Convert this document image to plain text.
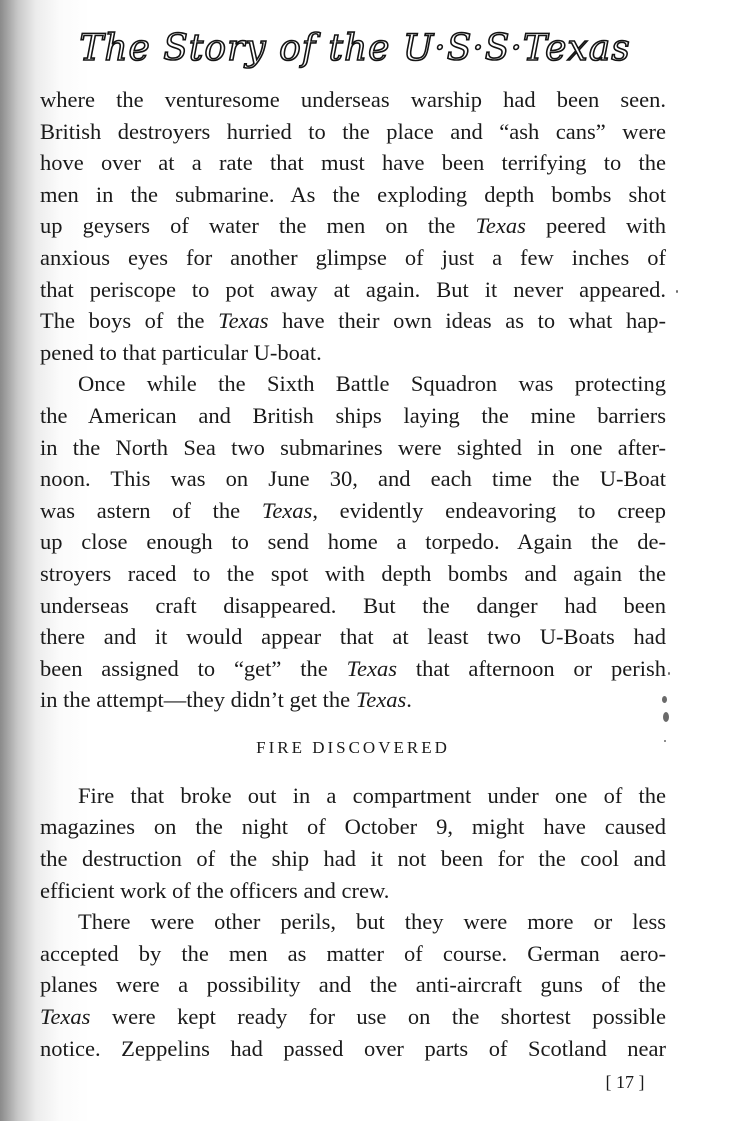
The Story of the U·S·S·Texas

where the venturesome underseas warship had been seen.
British destroyers hurried to the place and “ash cans” were
hove over at a rate that must have been terrifying to the
men in the submarine. As the exploding depth bombs shot
up geysers of water the men on the Texas peered with
anxious eyes for another glimpse of just a few inches of
that periscope to pot away at again. But it never appeared.
The boys of the Texas have their own ideas as to what hap-
pened to that particular U-boat.

Once while the Sixth Battle Squadron was protecting
the American and British ships laying the mine barriers
in the North Sea two submarines were sighted in one after-
noon. This was on June 30, and each time the U-Boat
was astern of the Texas, evidently endeavoring to creep
up close enough to send home a torpedo. Again the de-
stroyers raced to the spot with depth bombs and again the
underseas craft disappeared. But the danger had been
there and it would appear that at least two U-Boats had
been assigned to “get” the Texas that afternoon or perish
in the attempt—they didn’t get the Texas.

FIRE DISCOVERED

Fire that broke out in a compartment under one of the
magazines on the night of October 9, might have caused
the destruction of the ship had it not been for the cool and
efficient work of the officers and crew.

There were other perils, but they were more or less
accepted by the men as matter of course. German aero-
planes were a possibility and the anti-aircraft guns of the
Texas were kept ready for use on the shortest possible
notice. Zeppelins had passed over parts of Scotland near

[ 17 ]
